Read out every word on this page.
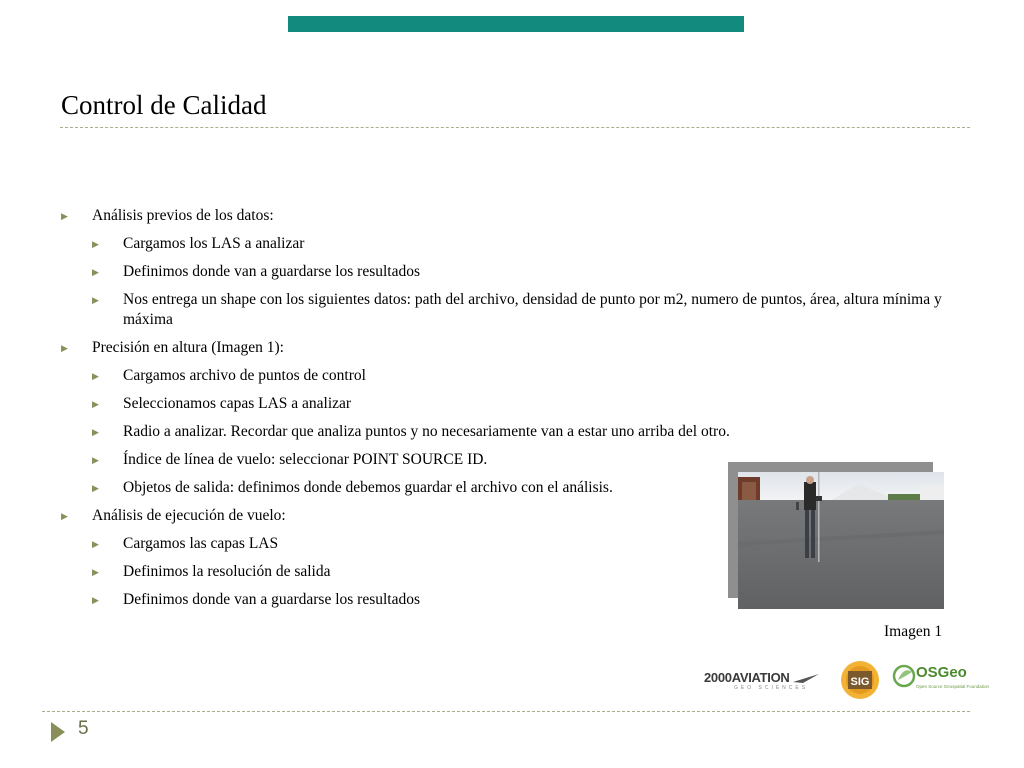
Control de Calidad
▶ Análisis previos de los datos:
▶ Cargamos los LAS a analizar
▶ Definimos donde van a guardarse los resultados
▶ Nos entrega un shape con los siguientes datos: path del archivo, densidad de punto por m2, numero de puntos, área, altura mínima y máxima
▶ Precisión en altura (Imagen 1):
▶ Cargamos archivo de puntos de control
▶ Seleccionamos capas LAS a analizar
▶ Radio a analizar. Recordar que analiza puntos y no necesariamente van a estar uno arriba del otro.
▶ Índice de línea de vuelo: seleccionar POINT SOURCE ID.
▶ Objetos de salida: definimos donde debemos guardar el archivo con el análisis.
▶ Análisis de ejecución de vuelo:
▶ Cargamos las capas LAS
▶ Definimos la resolución de salida
▶ Definimos donde van a guardarse los resultados
Imagen 1
2000AVIATION
GEO SCIENCES	SIG
OSGeo
Open Source Geospatial Foundation
5
